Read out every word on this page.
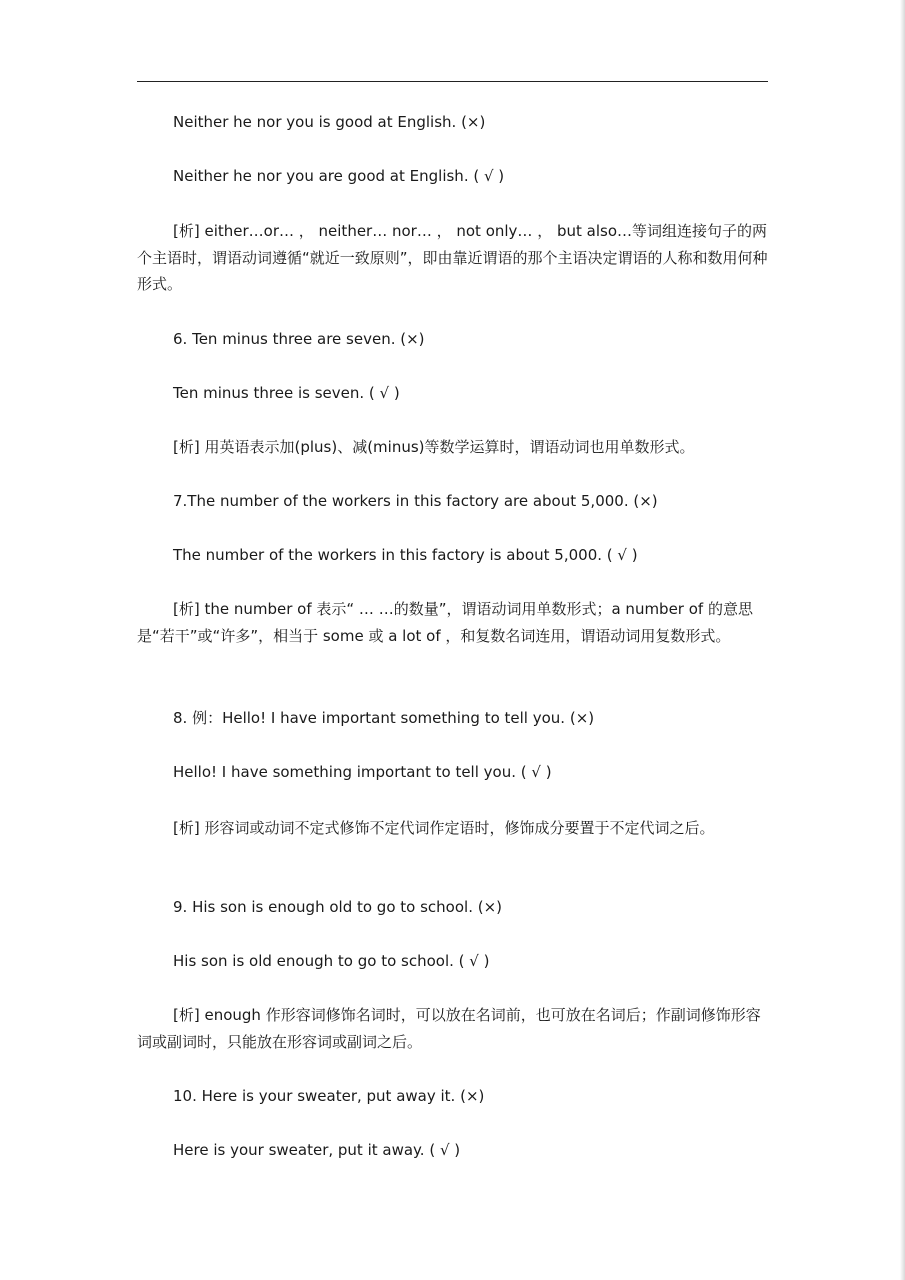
Neither he nor you is good at English. (×)
Neither he nor you are good at English. ( √ )
[析] either…or… ， neither… nor… ， not only… ， but also…等词组连接句子的两个主语时，谓语动词遵循“就近一致原则”，即由靠近谓语的那个主语决定谓语的人称和数用何种形式。
6. Ten minus three are seven. (×)
Ten minus three is seven. ( √ )
[析] 用英语表示加(plus)、减(minus)等数学运算时，谓语动词也用单数形式。
7.The number of the workers in this factory are about 5,000. (×)
The number of the workers in this factory is about 5,000. ( √ )
[析] the number of 表示“ … …的数量”，谓语动词用单数形式；a number of 的意思是“若干”或“许多”，相当于 some 或 a lot of ，和复数名词连用，谓语动词用复数形式。
8. 例：Hello! I have important something to tell you. (×)
Hello! I have something important to tell you. ( √ )
[析] 形容词或动词不定式修饰不定代词作定语时，修饰成分要置于不定代词之后。
9. His son is enough old to go to school. (×)
His son is old enough to go to school. ( √ )
[析] enough 作形容词修饰名词时，可以放在名词前，也可放在名词后；作副词修饰形容词或副词时，只能放在形容词或副词之后。
10. Here is your sweater, put away it. (×)
Here is your sweater, put it away. ( √ )
